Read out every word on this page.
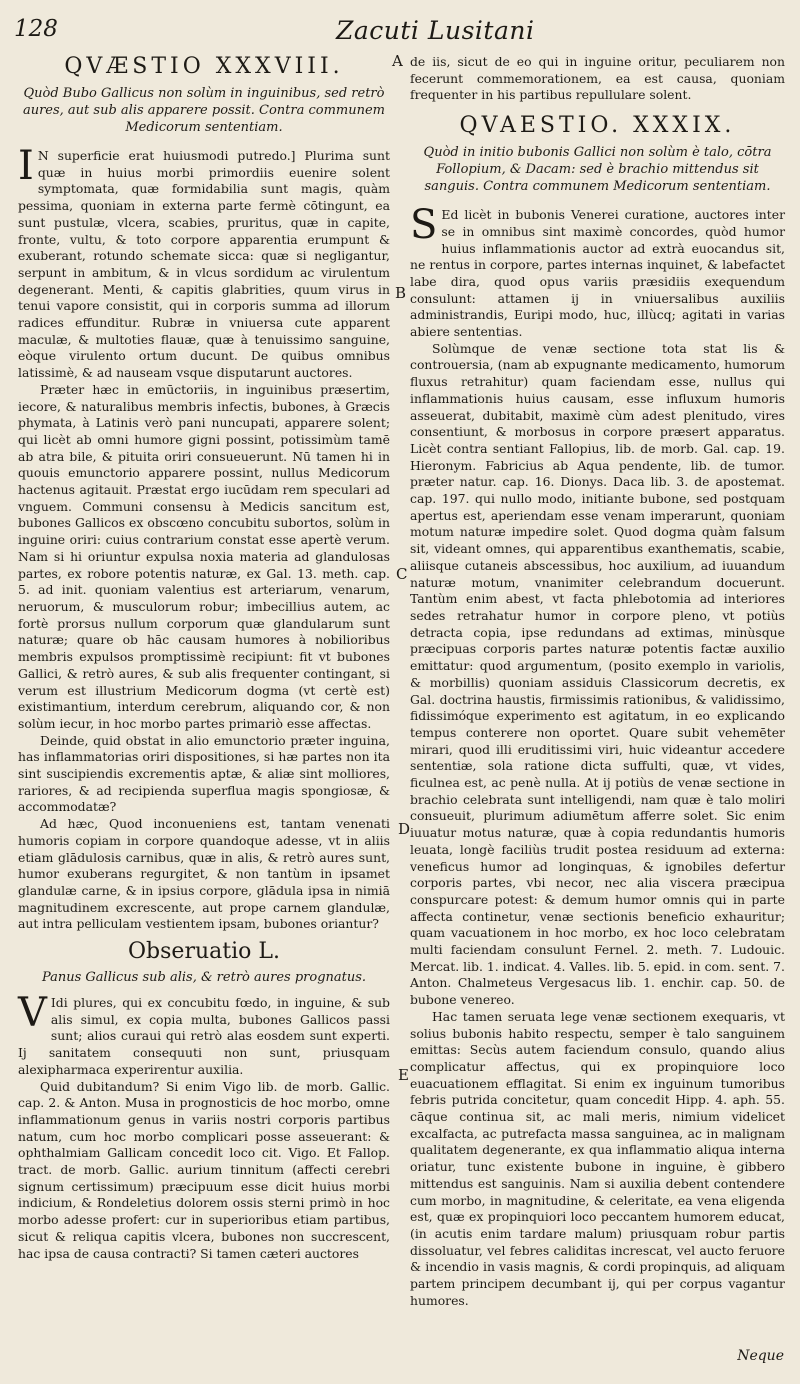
128	Zacuti Lusitani
QVÆSTIO XXXVIII.
Quòd Bubo Gallicus non solùm in inguinibus, sed retrò aures, aut sub alis apparere possit. Contra communem Medicorum sententiam.

IN superficie erat huiusmodi putredo.] Plurima sunt quæ in huius morbi primordiis euenire solent symptomata, quæ formidabilia sunt magis, quàm pessima, quoniam in externa parte fermè cōtingunt, ea sunt pustulæ, vlcera, scabies, pruritus, quæ in capite, fronte, vultu, & toto corpore apparentia erumpunt & exuberant, rotundo schemate sicca: quæ si negligantur, serpunt in ambitum, & in vlcus sordidum ac virulentum degenerant. Menti, & capitis glabrities, quum virus in tenui vapore consistit, qui in corporis summa ad illorum radices effunditur. Rubræ in vniuersa cute apparent maculæ, & multoties flauæ, quæ à tenuissimo sanguine, eòque virulento ortum ducunt. De quibus omnibus latissimè, & ad nauseam vsque disputarunt auctores.

Præter hæc in emūctoriis, in inguinibus præsertim, iecore, & naturalibus membris infectis, bubones, à Græcis phymata, à Latinis verò pani nuncupati, apparere solent; qui licèt ab omni humore gigni possint, potissimùm tamē ab atra bile, & pituita oriri consueuerunt. Nū tamen hi in quouis emunctorio apparere possint, nullus Medicorum hactenus agitauit. Præstat ergo iucūdam rem speculari ad vnguem. Communi consensu à Medicis sancitum est, bubones Gallicos ex obscœno concubitu subortos, solùm in inguine oriri: cuius contrarium constat esse apertè verum. Nam si hi oriuntur expulsa noxia materia ad glandulosas partes, ex robore potentis naturæ, ex Gal. 13. meth. cap. 5. ad init. quoniam valentius est arteriarum, venarum, neruorum, & musculorum robur; imbecillius autem, ac fortè prorsus nullum corporum quæ glandularum sunt naturæ; quare ob hāc causam humores à nobilioribus membris expulsos promptissimè recipiunt: fit vt bubones Gallici, & retrò aures, & sub alis frequenter contingant, si verum est illustrium Medicorum dogma (vt certè est) existimantium, interdum cerebrum, aliquando cor, & non solùm iecur, in hoc morbo partes primariò esse affectas.

Deinde, quid obstat in alio emunctorio præter inguina, has inflammatorias oriri dispositiones, si hæ partes non ita sint suscipiendis excrementis aptæ, & aliæ sint molliores, rariores, & ad recipienda superflua magis spongiosæ, & accommodatæ?

Ad hæc, Quod inconueniens est, tantam venenati humoris copiam in corpore quandoque adesse, vt in aliis etiam glādulosis carnibus, quæ in alis, & retrò aures sunt, humor exuberans regurgitet, & non tantùm in ipsamet glandulæ carne, & in ipsius corpore, glādula ipsa in nimiā magnitudinem excrescente, aut prope carnem glandulæ, aut intra pelliculam vestientem ipsam, bubones oriantur?

Obseruatio L.
Panus Gallicus sub alis, & retrò aures prognatus.

VIdi plures, qui ex concubitu fœdo, in inguine, & sub alis simul, ex copia multa, bubones Gallicos passi sunt; alios curaui qui retrò alas eosdem sunt experti. Ij sanitatem consequuti non sunt, priusquam alexipharmaca experirentur auxilia.

Quid dubitandum? Si enim Vigo lib. de morb. Gallic. cap. 2. & Anton. Musa in prognosticis de hoc morbo, omne inflammationum genus in variis nostri corporis partibus natum, cum hoc morbo complicari posse asseuerant: & ophthalmiam Gallicam concedit loco cit. Vigo. Et Fallop. tract. de morb. Gallic. aurium tinnitum (affecti cerebri signum certissimum) præcipuum esse dicit huius morbi indicium, & Rondeletius dolorem ossis sterni primò in hoc morbo adesse profert: cur in superioribus etiam partibus, sicut & reliqua capitis vlcera, bubones non succrescent, hac ipsa de causa contracti? Si tamen cæteri auctores

de iis, sicut de eo qui in inguine oritur, peculiarem non fecerunt commemorationem, ea est causa, quoniam frequenter in his partibus repullulare solent.

QVAESTIO. XXXIX.
Quòd in initio bubonis Gallici non solùm è talo, cōtra Follopium, & Dacam: sed è brachio mittendus sit sanguis. Contra communem Medicorum sententiam.

SEd licèt in bubonis Venerei curatione, auctores inter se in omnibus sint maximè concordes, quòd humor huius inflammationis auctor ad extrà euocandus sit, ne rentus in corpore, partes internas inquinet, & labefactet labe dira, quod opus variis præsidiis exequendum consulunt: attamen ij in vniuersalibus auxiliis administrandis, Euripi modo, huc, illùcq; agitati in varias abiere sententias.

Solùmque de venæ sectione tota stat lis & controuersia, (nam ab expugnante medicamento, humorum fluxus retrahitur) quam faciendam esse, nullus qui inflammationis huius causam, esse influxum humoris asseuerat, dubitabit, maximè cùm adest plenitudo, vires consentiunt, & morbosus in corpore præsert apparatus. Licèt contra sentiant Fallopius, lib. de morb. Gal. cap. 19. Hieronym. Fabricius ab Aqua pendente, lib. de tumor. præter natur. cap. 16. Dionys. Daca lib. 3. de apostemat. cap. 197. qui nullo modo, initiante bubone, sed postquam apertus est, aperiendam esse venam imperarunt, quoniam motum naturæ impedire solet. Quod dogma quàm falsum sit, videant omnes, qui apparentibus exanthematis, scabie, aliisque cutaneis abscessibus, hoc auxilium, ad iuuandum naturæ motum, vnanimiter celebrandum docuerunt. Tantùm enim abest, vt facta phlebotomia ad interiores sedes retrahatur humor in corpore pleno, vt potiùs detracta copia, ipse redundans ad extimas, minùsque præcipuas corporis partes naturæ potentis factæ auxilio emittatur: quod argumentum, (posito exemplo in variolis, & morbillis) quoniam assiduis Classicorum decretis, ex Gal. doctrina haustis, firmissimis rationibus, & validissimo, fidissimóque experimento est agitatum, in eo explicando tempus conterere non oportet. Quare subit vehemēter mirari, quod illi eruditissimi viri, huic videantur accedere sententiæ, sola ratione dicta suffulti, quæ, vt vides, ficulnea est, ac penè nulla. At ij potiùs de venæ sectione in brachio celebrata sunt intelligendi, nam quæ è talo moliri consueuit, plurimum adiumētum afferre solet. Sic enim iuuatur motus naturæ, quæ à copia redundantis humoris leuata, longè faciliùs trudit postea residuum ad externa: veneficus humor ad longinquas, & ignobiles defertur corporis partes, vbi necor, nec alia viscera præcipua conspurcare potest: & demum humor omnis qui in parte affecta continetur, venæ sectionis beneficio exhauritur; quam vacuationem in hoc morbo, ex hoc loco celebratam multi faciendam consulunt Fernel. 2. meth. 7. Ludouic. Mercat. lib. 1. indicat. 4. Valles. lib. 5. epid. in com. sent. 7. Anton. Chalmeteus Vergesacus lib. 1. enchir. cap. 50. de bubone venereo.

Hac tamen seruata lege venæ sectionem exequaris, vt solius bubonis habito respectu, semper è talo sanguinem emittas: Secùs autem faciendum consulo, quando alius complicatur affectus, qui ex propinquiore loco euacuationem efflagitat. Si enim ex inguinum tumoribus febris putrida concitetur, quam concedit Hipp. 4. aph. 55. cāque continua sit, ac mali meris, nimium videlicet excalfacta, ac putrefacta massa sanguinea, ac in malignam qualitatem degenerante, ex qua inflammatio aliqua interna oriatur, tunc existente bubone in inguine, è gibbero mittendus est sanguinis. Nam si auxilia debent contendere cum morbo, in magnitudine, & celeritate, ea vena eligenda est, quæ ex propinquiori loco peccantem humorem educat, (in acutis enim tardare malum) priusquam robur partis dissoluatur, vel febres caliditas increscat, vel aucto feruore & incendio in vasis magnis, & cordi propinquis, ad aliquam partem principem decumbant ij, qui per corpus vagantur humores.

A
B
C
D
E
Neque
